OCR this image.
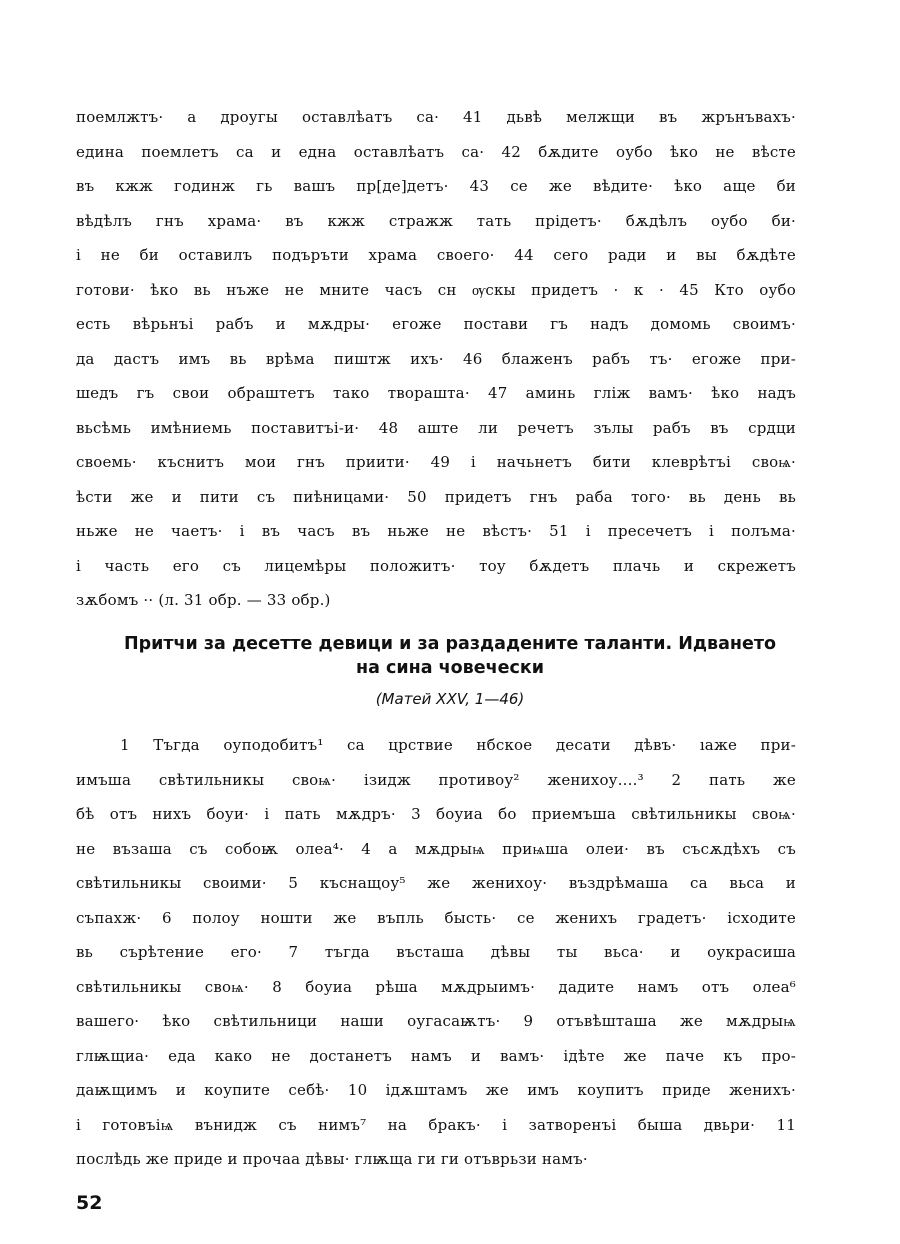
поемлжтъ· а дроугы оставлѣатъ са· 41 дьвѣ мелжщи въ жрънъвахъ·
едина поемлетъ са и една оставлѣатъ са· 42 бѫдите оубо ѣко не вѣсте
въ кжж годинж гь вашъ пр[де]детъ· 43 се же вѣдите· ѣко аще би
вѣдѣлъ гнъ храма· въ кжж стражж тать прідетъ· бѫдѣлъ оубо би·
і не би оставилъ подъръти храма своего· 44 сего ради и вы бѫдѣте
готови· ѣко вь нъже не мните часъ сн ѹскы придетъ · к · 45 Кто оубо
есть вѣрьнъі рабъ и мѫдры· егоже постави гъ надъ домомь своимъ·
да дастъ имъ вь врѣма пиштж ихъ· 46 блаженъ рабъ тъ· егоже при-
шедъ гъ свои обраштетъ тако творашта· 47 аминь гліж вамъ· ѣко надъ
вьсѣмь имѣниемь поставитъі-и· 48 аште ли речетъ зълы рабъ въ срдци
своемь· къснитъ мои гнъ приити· 49 і начьнетъ бити клеврѣтъі своѩ·
ѣсти же и пити съ пиѣницами· 50 придетъ гнъ раба того· вь день вь
ньже не чаетъ· і въ часъ въ ньже не вѣстъ· 51 і пресечетъ і полъма·
і часть его съ лицемѣры положитъ· тоу бѫдетъ плачь и скрежетъ
зѫбомъ ·· (л. 31 обр. — 33 обр.)
Притчи за десетте девици и за раздадените таланти. Идването
на сина човечески
(Матей XXV, 1—46)
1 Тъгда оуподобитъ¹ са црствие нбское десати дѣвъ· ıаже при-
имъша свѣтильникы своѩ· ізидж противоу² женихоу....³ 2 пать же
бѣ отъ нихъ боуи· і пать мѫдръ· 3 боуиа бо приемъша свѣтильникы своѩ·
не възаша съ собоѭ олеа⁴· 4 а мѫдрыѩ приѩша олеи· въ съсѫдѣхъ съ
свѣтильникы своими· 5 къснащоу⁵ же жениxоу· въздрѣмаша са вьса и
съпахж· 6 полоу ношти же въпль бысть· се женихъ градетъ· ісходите
вь сърѣтение его· 7 тъгда въсташа дѣвы ты вьса· и оукрасиша
свѣтильникы своѩ· 8 боуиа рѣша мѫдрыимъ· дадите намъ отъ олеа⁶
вашего· ѣко свѣтильници наши оугасаѭтъ· 9 отъвѣшташа же мѫдрыѩ
глѭщиа· еда како не достанетъ намъ и вамъ· ідѣте же паче къ про-
даѭщимъ и коупите себѣ· 10 ідѫштамъ же имъ коупитъ приде женихъ·
і готовъіѩ вънидж съ нимъ⁷ на бракъ· і затворенъі быша двьри· 11
послѣдь же приде и прочаа дѣвы· глѭща ги ги отъврьзи намъ·
52
